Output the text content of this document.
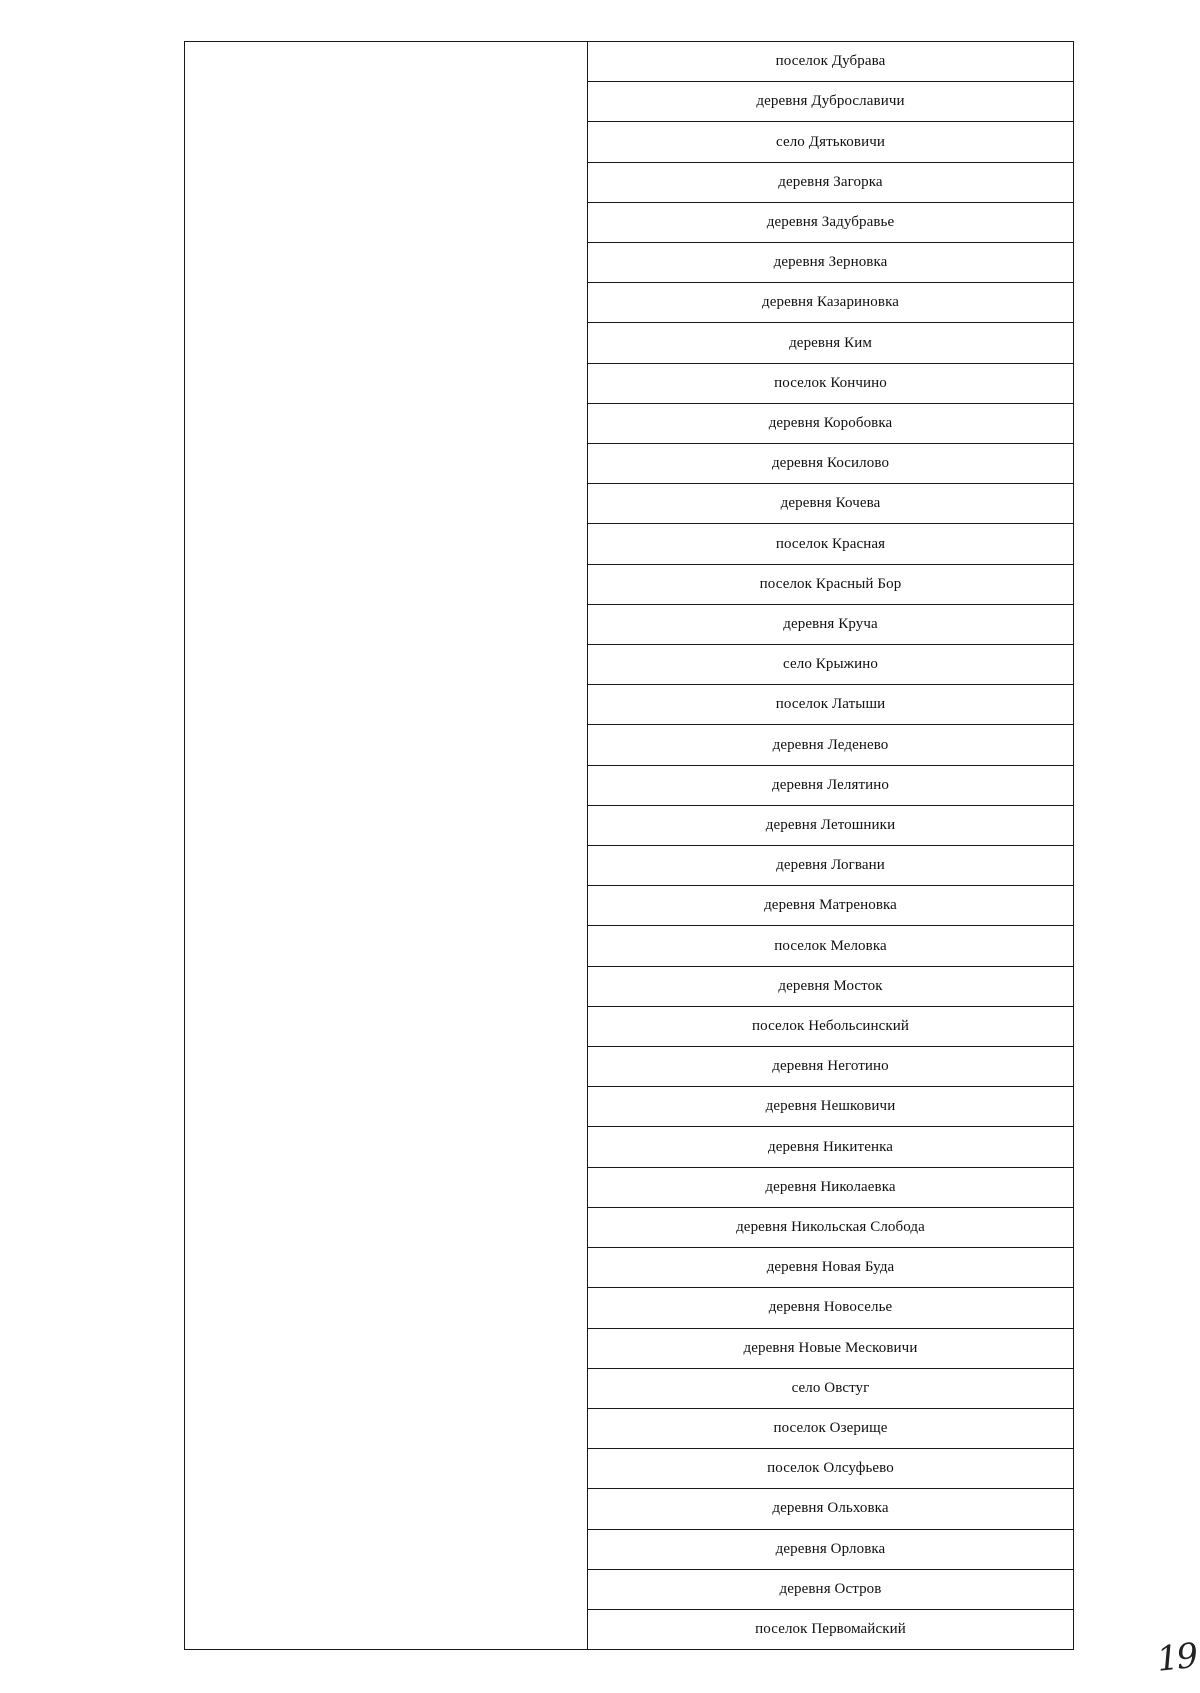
поселок Дубрава
деревня Дуброславичи
село Дятьковичи
деревня Загорка
деревня Задубравье
деревня Зерновка
деревня Казариновка
деревня Ким
поселок Кончино
деревня Коробовка
деревня Косилово
деревня Кочева
поселок Красная
поселок Красный Бор
деревня Круча
село Крыжино
поселок Латыши
деревня Леденево
деревня Лелятино
деревня Летошники
деревня Логвани
деревня Матреновка
поселок Меловка
деревня Мосток
поселок Небольсинский
деревня Неготино
деревня Нешковичи
деревня Никитенка
деревня Николаевка
деревня Никольская Слобода
деревня Новая Буда
деревня Новоселье
деревня Новые Месковичи
село Овстуг
поселок Озерище
поселок Олсуфьево
деревня Ольховка
деревня Орловка
деревня Остров
поселок Первомайский
19
